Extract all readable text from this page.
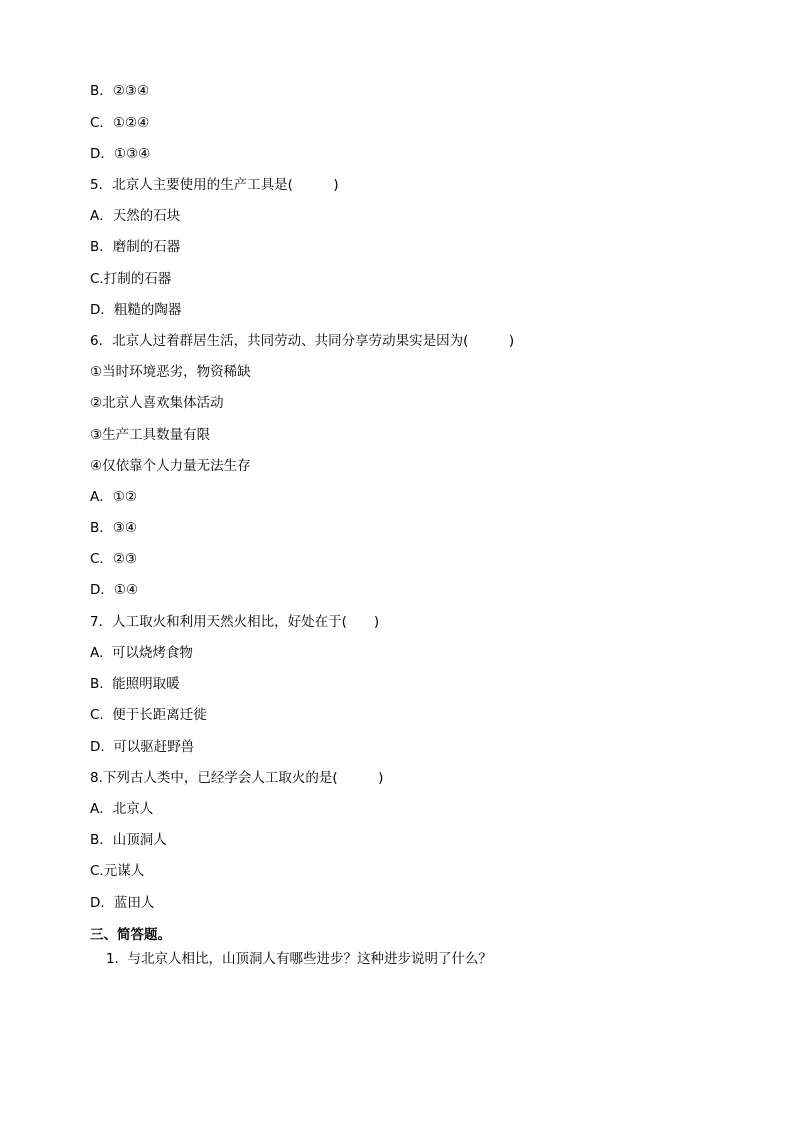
B．②③④
C．①②④
D．①③④
5．北京人主要使用的生产工具是(　　　)
A．天然的石块
B．磨制的石器
C.打制的石器
D．粗糙的陶器
6．北京人过着群居生活，共同劳动、共同分享劳动果实是因为(　　　)
①当时环境恶劣，物资稀缺
②北京人喜欢集体活动
③生产工具数量有限
④仅依靠个人力量无法生存
A．①②
B．③④
C．②③
D．①④
7．人工取火和利用天然火相比，好处在于(　　)
A.  可以烧烤食物
B.  能照明取暖
C.  便于长距离迁徙
D.  可以驱赶野兽
8.下列古人类中，已经学会人工取火的是(　　　)
A．北京人
B．山顶洞人
C.元谋人
D．蓝田人
三、简答题。
1.  与北京人相比，山顶洞人有哪些进步？这种进步说明了什么？
